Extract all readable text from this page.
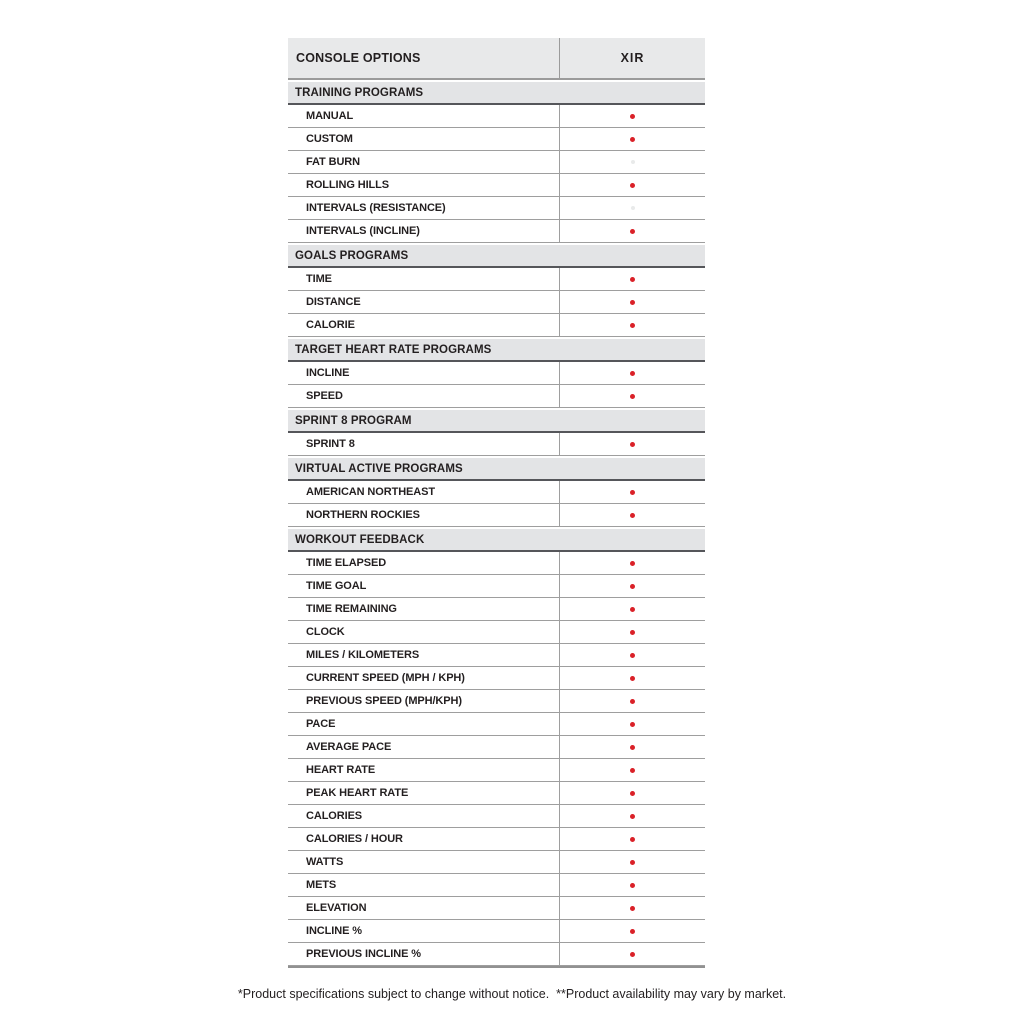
CONSOLE OPTIONS	XIR
TRAINING PROGRAMS
MANUAL
CUSTOM
FAT BURN
ROLLING HILLS
INTERVALS (RESISTANCE)
INTERVALS (INCLINE)
GOALS PROGRAMS
TIME
DISTANCE
CALORIE
TARGET HEART RATE PROGRAMS
INCLINE
SPEED
SPRINT 8 PROGRAM
SPRINT 8
VIRTUAL ACTIVE PROGRAMS
AMERICAN NORTHEAST
NORTHERN ROCKIES
WORKOUT FEEDBACK
TIME ELAPSED
TIME GOAL
TIME REMAINING
CLOCK
MILES / KILOMETERS
CURRENT SPEED (MPH / KPH)
PREVIOUS SPEED (MPH/KPH)
PACE
AVERAGE PACE
HEART RATE
PEAK HEART RATE
CALORIES
CALORIES / HOUR
WATTS
METS
ELEVATION
INCLINE %
PREVIOUS INCLINE %
*Product specifications subject to change without notice.  **Product availability may vary by market.
